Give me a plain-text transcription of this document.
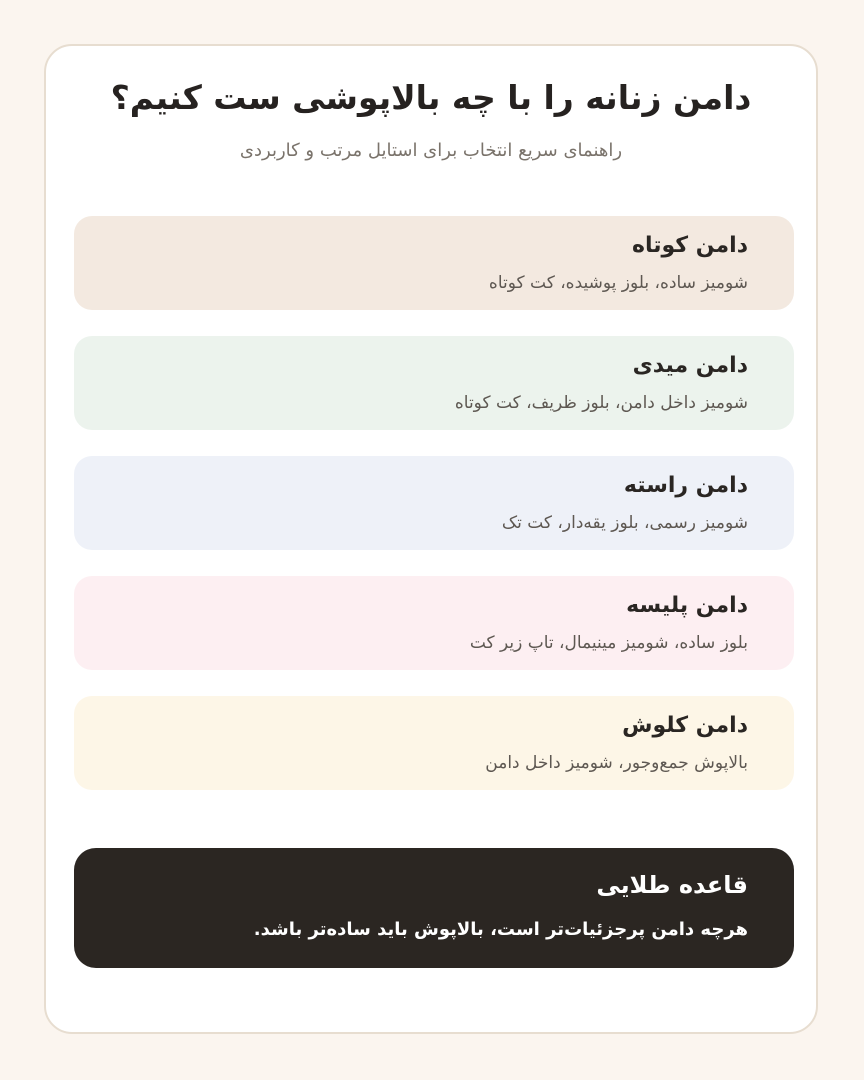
دامن زنانه را با چه بالاپوشی ست کنیم؟
راهنمای سریع انتخاب برای استایل مرتب و کاربردی
دامن کوتاه
شومیز ساده، بلوز پوشیده، کت کوتاه
دامن میدی
شومیز داخل دامن، بلوز ظریف، کت کوتاه
دامن راسته
شومیز رسمی، بلوز یقه‌دار، کت تک
دامن پلیسه
بلوز ساده، شومیز مینیمال، تاپ زیر کت
دامن کلوش
بالاپوش جمع‌وجور، شومیز داخل دامن
قاعده طلایی
.هرچه دامن پرجزئیات‌تر است، بالاپوش باید ساده‌تر باشد
